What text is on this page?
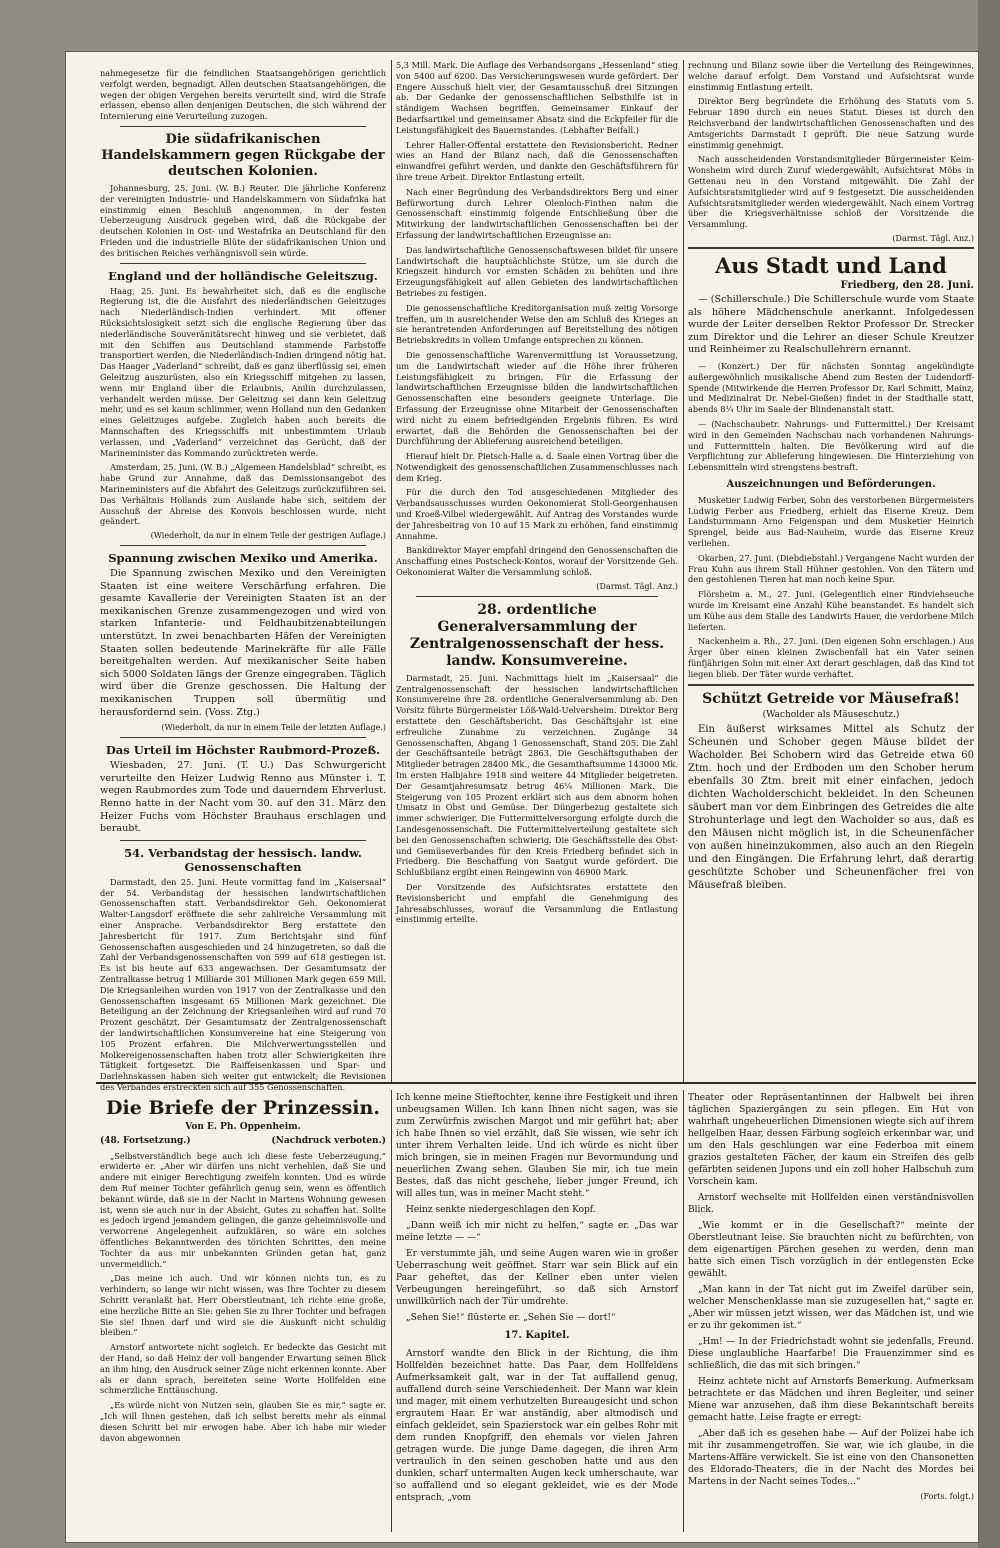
nahmegesetze für die feindlichen Staatsangehörigen gerichtlich verfolgt werden, begnadigt. Allen deutschen Staatsangehörigen, die wegen der obigen Vergehen bereits verurteilt sind, wird die Strafe erlassen, ebenso allen denjenigen Deutschen, die sich während der Internierung eine Verurteilung zuzogen.

Die südafrikanischen Handelskammern gegen Rückgabe der deutschen Kolonien.

Johannesburg, 25. Juni. (W. B.) Reuter. Die jährliche Konferenz der vereinigten Industrie- und Handelskammern von Südafrika hat einstimmig einen Beschluß angenommen, in der festen Ueberzeugung Ausdruck gegeben wird, daß die Rückgabe der deutschen Kolonien in Ost- und Westafrika an Deutschland für den Frieden und die industrielle Blüte der südafrikanischen Union und des britischen Reiches verhängnisvoll sein würde.

England und der holländische Geleitszug.

Haag, 25. Juni. Es bewahrheitet sich, daß es die englische Regierung ist, die die Ausfahrt des niederländischen Geleitzuges nach Niederländisch-Indien verhindert. Mit offener Rücksichtslosigkeit setzt sich die englische Regierung über das niederländische Souveränitätsrecht hinweg und sie verbietet, daß mit den Schiffen aus Deutschland stammende Farbstoffe transportiert werden, die Niederländisch-Indien dringend nötig hat. Das Haager „Vaderland“ schreibt, daß es ganz überflüssig sei, einen Geleitzug auszurüsten, also ein Kriegsschiff mitgehen zu lassen, wenn mir England über die Erlaubnis, Anilin durchzulassen, verhandelt werden müsse. Der Geleitzug sei dann kein Geleitzug mehr, und es sei kaum schlimmer, wenn Holland nun den Gedanken eines Geleitzuges aufgebe. Zugleich haben auch bereits die Mannschaften des Kriegsschiffs mit unbestimmtem Urlaub verlassen, und „Vaderland“ verzeichnet das Gerücht, daß der Marineminister das Kommando zurücktreten werde.

Amsterdam, 25. Juni. (W. B.) „Algemeen Handelsblad“ schreibt, es habe Grund zur Annahme, daß das Demissionsangebot des Marineministers auf die Abfahrt des Geleitzugs zurückzuführen sei. Das Verhältnis Hollands zum Auslande habe sich, seitdem der Ausschuß der Abreise des Konvois beschlossen wurde, nicht geändert.

(Wiederholt, da nur in einem Teile der gestrigen Auflage.)
Spannung zwischen Mexiko und Amerika.

Die Spannung zwischen Mexiko und den Vereinigten Staaten ist eine weitere Verschärfung erfahren. Die gesamte Kavallerie der Vereinigten Staaten ist an der mexikanischen Grenze zusammengezogen und wird von starken Infanterie- und Feldhaubitzenabteilungen unterstützt. In zwei benachbarten Häfen der Vereinigten Staaten sollen bedeutende Marinekräfte für alle Fälle bereitgehalten werden. Auf mexikanischer Seite haben sich 5000 Soldaten längs der Grenze eingegraben. Täglich wird über die Grenze geschossen. Die Haltung der mexikanischen Truppen soll übermütig und herausfordernd sein. (Voss. Ztg.)

(Wiederholt, da nur in einem Teile der letzten Auflage.)
Das Urteil im Höchster Raubmord-Prozeß.

Wiesbaden, 27. Juni. (T. U.) Das Schwurgericht verurteilte den Heizer Ludwig Renno aus Münster i. T. wegen Raubmordes zum Tode und dauerndem Ehrverlust. Renno hatte in der Nacht vom 30. auf den 31. März den Heizer Fuchs vom Höchster Brauhaus erschlagen und beraubt.

54. Verbandstag der hessisch. landw. Genossenschaften

Darmstadt, den 25. Juni. Heute vormittag fand im „Kaisersaal“ der 54. Verbandstag der hessischen landwirtschaftlichen Genossenschaften statt. Verbandsdirektor Geh. Oekonomierat Walter-Langsdorf eröffnete die sehr zahlreiche Versammlung mit einer Ansprache. Verbandsdirektor Berg erstattete den Jahresbericht für 1917. Zum Berichtsjahr sind fünf Genossenschaften ausgeschieden und 24 hinzugetreten, so daß die Zahl der Verbandsgenossenschaften von 599 auf 618 gestiegen ist. Es ist bis heute auf 633 angewachsen. Der Gesamtumsatz der Zentralkasse betrug 1 Milliarde 301 Millionen Mark gegen 659 Mill. Die Kriegsanleihen wurden von 1917 von der Zentralkasse und den Genossenschaften insgesamt 65 Millionen Mark gezeichnet. Die Beteiligung an der Zeichnung der Kriegsanleihen wird auf rund 70 Prozent geschätzt. Der Gesamtumsatz der Zentralgenossenschaft der landwirtschaftlichen Konsumvereine hat eine Steigerung von 105 Prozent erfahren. Die Milchverwertungsstellen und Molkereigenossenschaften haben trotz aller Schwierigkeiten ihre Tätigkeit fortgesetzt. Die Raiffeisenkassen und Spar- und Darlehnskassen haben sich weiter gut entwickelt; die Revisionen des Verbandes erstreckten sich auf 355 Genossenschaften.

5,3 Mill. Mark. Die Auflage des Verbandsorgans „Hessenland“ stieg von 5400 auf 6200. Das Versicherungswesen wurde gefördert. Der Engere Ausschuß hielt vier, der Gesamtausschuß drei Sitzungen ab. Der Gedanke der genossenschaftlichen Selbsthilfe ist in ständigem Wachsen begriffen. Gemeinsamer Einkauf der Bedarfsartikel und gemeinsamer Absatz sind die Eckpfeiler für die Leistungsfähigkeit des Bauernstandes. (Lebhafter Beifall.)

Lehrer Haller-Offental erstattete den Revisionsbericht. Redner wies an Hand der Bilanz nach, daß die Genossenschaften einwandfrei geführt werden, und dankte den Geschäftsführern für ihre treue Arbeit. Direktor Entlastung erteilt.

Nach einer Begründung des Verbandsdirektors Berg und einer Befürwortung durch Lehrer Olenloch-Finthen nahm die Genossenschaft einstimmig folgende Entschließung über die Mitwirkung der landwirtschaftlichen Genossenschaften bei der Erfassung der landwirtschaftlichen Erzeugnisse an:

Das landwirtschaftliche Genossenschaftswesen bildet für unsere Landwirtschaft die hauptsächlichste Stütze, um sie durch die Kriegszeit hindurch vor ernsten Schäden zu behüten und ihre Erzeugungsfähigkeit auf allen Gebieten des landwirtschaftlichen Betriebes zu festigen.

Die genossenschaftliche Kreditorganisation muß zeitig Vorsorge treffen, um in ausreichender Weise den am Schluß des Krieges an sie herantretenden Anforderungen auf Bereitstellung des nötigen Betriebskredits in vollem Umfange entsprechen zu können.

Die genossenschaftliche Warenvermittlung ist Voraussetzung, um die Landwirtschaft wieder auf die Höhe ihrer früheren Leistungsfähigkeit zu bringen. Für die Erfassung der landwirtschaftlichen Erzeugnisse bilden die landwirtschaftlichen Genossenschaften eine besonders geeignete Unterlage. Die Erfassung der Erzeugnisse ohne Mitarbeit der Genossenschaften wird nicht zu einem befriedigenden Ergebnis führen. Es wird erwartet, daß die Behörden die Genossenschaften bei der Durchführung der Ablieferung ausreichend beteiligen.

Hierauf hielt Dr. Pietsch-Halle a. d. Saale einen Vortrag über die Notwendigkeit des genossenschaftlichen Zusammenschlusses nach dem Krieg.

Für die durch den Tod ausgeschiedenen Mitglieder des Verbandsausschusses wurden Oekonomierat Stoll-Georgenhausen und Kroeß-Vilbel wiedergewählt. Auf Antrag des Vorstandes wurde der Jahresbeitrag von 10 auf 15 Mark zu erhöhen, fand einstimmig Annahme.

Bankdirektor Mayer empfahl dringend den Genossenschaften die Anschaffung eines Postscheck-Kontos, worauf der Vorsitzende Geh. Oekonomierat Walter die Versammlung schloß.

(Darmst. Tägl. Anz.)
28. ordentliche Generalversammlung der Zentralgenossenschaft der hess. landw. Konsumvereine.

Darmstadt, 25. Juni. Nachmittags hielt im „Kaisersaal“ die Zentralgenossenschaft der hessischen landwirtschaftlichen Konsumvereine ihre 28. ordentliche Generalversammlung ab. Den Vorsitz führte Bürgermeister Löß-Wald-Uelversheim. Direktor Berg erstattete den Geschäftsbericht. Das Geschäftsjahr ist eine erfreuliche Zunahme zu verzeichnen. Zugänge 34 Genossenschaften, Abgang 1 Genossenschaft, Stand 205. Die Zahl der Geschäftsanteile beträgt 2863. Die Geschäftsguthaben der Mitglieder betragen 28400 Mk., die Gesamthaftsumme 143000 Mk. Im ersten Halbjahre 1918 sind weitere 44 Mitglieder beigetreten. Der Gesamtjahresumsatz betrug 46¼ Millionen Mark. Die Steigerung von 105 Prozent erklärt sich aus dem abnorm hohen Umsatz in Obst und Gemüse. Der Düngerbezug gestaltete sich immer schwieriger. Die Futtermittelversorgung erfolgte durch die Landesgenossenschaft. Die Futtermittelverteilung gestaltete sich bei den Genossenschaften schwierig. Die Geschäftsstelle des Obst- und Gemüseverbandes für den Kreis Friedberg befindet sich in Friedberg. Die Beschaffung von Saatgut wurde gefördert. Die Schlußbilanz ergibt einen Reingewinn von 46900 Mark.

Der Vorsitzende des Aufsichtsrates erstattete den Revisionsbericht und empfahl die Genehmigung des Jahresabschlusses, worauf die Versammlung die Entlastung einstimmig erteilte.

rechnung und Bilanz sowie über die Verteilung des Reingewinnes, welche darauf erfolgt. Dem Vorstand und Aufsichtsrat wurde einstimmig Entlastung erteilt.

Direktor Berg begründete die Erhöhung des Statuts vom 5. Februar 1890 durch ein neues Statut. Dieses ist durch den Reichsverband der landwirtschaftlichen Genossenschaften und des Amtsgerichts Darmstadt I geprüft. Die neue Satzung wurde einstimmig genehmigt.

Nach ausscheidenden Vorstandsmitglieder Bürgermeister Keim-Wonsheim wird durch Zuruf wiedergewählt, Aufsichtsrat Möbs in Gettenau neu in den Vorstand mitgewählt. Die Zahl der Aufsichtsratsmitglieder wird auf 9 festgesetzt. Die ausscheidenden Aufsichtsratsmitglieder werden wiedergewählt. Nach einem Vortrag über die Kriegsverhältnisse schloß der Vorsitzende die Versammlung.

(Darmst. Tägl. Anz.)
Aus Stadt und Land
Friedberg, den 28. Juni.

— (Schillerschule.) Die Schillerschule wurde vom Staate als höhere Mädchenschule anerkannt. Infolgedessen wurde der Leiter derselben Rektor Professor Dr. Strecker zum Direktor und die Lehrer an dieser Schule Kreutzer und Reinheimer zu Realschullehrern ernannt.

— (Konzert.) Der für nächsten Sonntag angekündigte außergewöhnlich musikalische Abend zum Besten der Ludendorff-Spende (Mitwirkende die Herren Professor Dr. Karl Schmitt, Mainz, und Medizinalrat Dr. Nebel-Gießen) findet in der Stadthalle statt, abends 8¼ Uhr im Saale der Blindenanstalt statt.

— (Nachschaubetr. Nahrungs- und Futtermittel.) Der Kreisamt wird in den Gemeinden Nachschau nach vorhandenen Nahrungs- und Futtermitteln halten. Die Bevölkerung wird auf die Verpflichtung zur Ablieferung hingewiesen. Die Hinterziehung von Lebensmitteln wird strengstens bestraft.

Auszeichnungen und Beförderungen.

Musketier Ludwig Ferber, Sohn des verstorbenen Bürgermeisters Ludwig Ferber aus Friedberg, erhielt das Eiserne Kreuz. Dem Landsturmmann Arno Feigenspan und dem Musketier Heinrich Sprengel, beide aus Bad-Nauheim, wurde das Eiserne Kreuz verliehen.

Okarben, 27. Juni. (Diebdiebstahl.) Vergangene Nacht wurden der Frau Kuhn aus ihrem Stall Hühner gestohlen. Von den Tätern und den gestohlenen Tieren hat man noch keine Spur.

Flörsheim a. M., 27. Juni. (Gelegentlich einer Rindviehseuche wurde im Kreisamt eine Anzahl Kühe beanstandet. Es handelt sich um Kühe aus dem Stalle des Landwirts Hauer, die verdorbene Milch lieferten.

Nackenheim a. Rh., 27. Juni. (Den eigenen Sohn erschlagen.) Aus Ärger über einen kleinen Zwischenfall hat ein Vater seinen fünfjährigen Sohn mit einer Axt derart geschlagen, daß das Kind tot liegen blieb. Der Täter wurde verhaftet.

Schützt Getreide vor Mäusefraß!
(Wacholder als Mäuseschutz.)

Ein äußerst wirksames Mittel als Schutz der Scheunen und Schober gegen Mäuse bildet der Wacholder. Bei Schobern wird das Getreide etwa 60 Ztm. hoch und der Erdboden um den Schober herum ebenfalls 30 Ztm. breit mit einer einfachen, jedoch dichten Wacholderschicht bekleidet. In den Scheunen säubert man vor dem Einbringen des Getreides die alte Strohunterlage und legt den Wacholder so aus, daß es den Mäusen nicht möglich ist, in die Scheunenfächer von außen hineinzukommen, also auch an den Riegeln und den Eingängen. Die Erfahrung lehrt, daß derartig geschützte Schober und Scheunenfächer frei von Mäusefraß bleiben.

Die Briefe der Prinzessin.
Von E. Ph. Oppenheim.
(48. Fortsetzung.)	(Nachdruck verboten.)

„Selbstverständlich bege auch ich diese feste Ueberzeugung,“ erwiderte er. „Aber wir dürfen uns nicht verhehlen, daß Sie und andere mit einiger Berechtigung zweifeln konnten. Und es würde dem Ruf meiner Tochter gefährlich genug sein, wenn es öffentlich bekannt würde, daß sie in der Nacht in Martens Wohnung gewesen ist, wenn sie auch nur in der Absicht, Gutes zu schaffen hat. Sollte es jedoch irgend jemandem gelingen, die ganze geheimnisvolle und verworrene Angelegenheit aufzuklären, so wäre ein solches öffentliches Bekanntwerden des törichten Schrittes, den meine Tochter da aus mir unbekannten Gründen getan hat, ganz unvermeidlich.“

„Das meine ich auch. Und wir können nichts tun, es zu verhindern, so lange wir nicht wissen, was Ihre Tochter zu diesem Schritt veranlaßt hat. Herr Oberstleutnant, ich richte eine große, eine herzliche Bitte an Sie: gehen Sie zu Ihrer Tochter und befragen Sie sie! Ihnen darf und wird sie die Auskunft nicht schuldig bleiben.“

Arnstorf antwortete nicht sogleich. Er bedeckte das Gesicht mit der Hand, so daß Heinz der voll bangender Erwartung seinen Blick an ihm hing, den Ausdruck seiner Züge nicht erkennen konnte. Aber als er dann sprach, bereiteten seine Worte Hollfelden eine schmerzliche Enttäuschung.

„Es würde nicht von Nutzen sein, glauben Sie es mir,“ sagte er. „Ich will Ihnen gestehen, daß ich selbst bereits mehr als einmal diesen Schritt bei mir erwogen habe. Aber ich habe mir wieder davon abgewonnen

Ich kenne meine Stieftochter, kenne ihre Festigkeit und ihren unbeugsamen Willen. Ich kann Ihnen nicht sagen, was sie zum Zerwürfnis zwischen Margot und mir geführt hat; aber ich habe Ihnen so viel erzählt, daß Sie wissen, wie sehr ich unter ihrem Verhalten leide. Und ich würde es nicht über mich bringen, sie in meinen Fragen nur Bevormundung und neuerlichen Zwang sehen. Glauben Sie mir, ich tue mein Bestes, daß das nicht geschehe, lieber junger Freund, ich will alles tun, was in meiner Macht steht.“

Heinz senkte niedergeschlagen den Kopf.

„Dann weiß ich mir nicht zu helfen,“ sagte er. „Das war meine letzte — —“

Er verstummte jäh, und seine Augen waren wie in großer Ueberraschung weit geöffnet. Starr war sein Blick auf ein Paar geheftet, das der Kellner eben unter vielen Verbeugungen hereingeführt, so daß sich Arnstorf unwillkürlich nach der Tür umdrehte.

„Sehen Sie!“ flüsterte er. „Sehen Sie — dort!“

17. Kapitel.

Arnstorf wandte den Blick in der Richtung, die ihm Hollfelden bezeichnet hatte. Das Paar, dem Hollfeldens Aufmerksamkeit galt, war in der Tat auffallend genug, auffallend durch seine Verschiedenheit. Der Mann war klein und mager, mit einem verhutzelten Bureaugesicht und schon ergrautem Haar. Er war anständig, aber altmodisch und einfach gekleidet, sein Spazierstock war ein gelbes Rohr mit dem runden Knopfgriff, den ehemals vor vielen Jahren getragen wurde. Die junge Dame dagegen, die ihren Arm vertraulich in den seinen geschoben hatte und aus den dunklen, scharf untermalten Augen keck umherschaute, war so auffallend und so elegant gekleidet, wie es der Mode entsprach, „vom

Theater oder Repräsentantinnen der Halbwelt bei ihren täglichen Spaziergängen zu sein pflegen. Ein Hut von wahrhaft ungeheuerlichen Dimensionen wiegte sich auf ihrem hellgelben Haar, dessen Färbung sogleich erkennbar war, und um den Hals geschlungen war eine Federboa mit einem grazios gestalteten Fächer, der kaum ein Streifen des gelb gefärbten seidenen Jupons und ein zoll hoher Halbschuh zum Vorschein kam.

Arnstorf wechselte mit Hollfelden einen verständnisvollen Blick.

„Wie kommt er in die Gesellschaft?“ meinte der Oberstleutnant leise. Sie brauchten nicht zu befürchten, von dem eigenartigen Pärchen gesehen zu werden, denn man hatte sich einen Tisch vorzüglich in der entlegensten Ecke gewählt.

„Man kann in der Tat nicht gut im Zweifel darüber sein, welcher Menschenklasse man sie zuzugesellen hat,“ sagte er. „Aber wir müssen jetzt wissen, wer das Mädchen ist, und wie er zu ihr gekommen ist.“

„Hm! — In der Friedrichstadt wohnt sie jedenfalls, Freund. Diese unglaubliche Haarfarbe! Die Frauenzimmer sind es schließlich, die das mit sich bringen.“

Heinz achtete nicht auf Arnstorfs Bemerkung. Aufmerksam betrachtete er das Mädchen und ihren Begleiter, und seiner Miene war anzusehen, daß ihm diese Bekanntschaft bereits gemacht hatte. Leise fragte er erregt:

„Aber daß ich es gesehen habe — Auf der Polizei habe ich mit ihr zusammengetroffen. Sie war, wie ich glaube, in die Martens-Affäre verwickelt. Sie ist eine von den Chansonetten des Eldorado-Theaters, die in der Nacht des Mordes bei Martens in der Nacht seines Todes...“

(Forts. folgt.)
